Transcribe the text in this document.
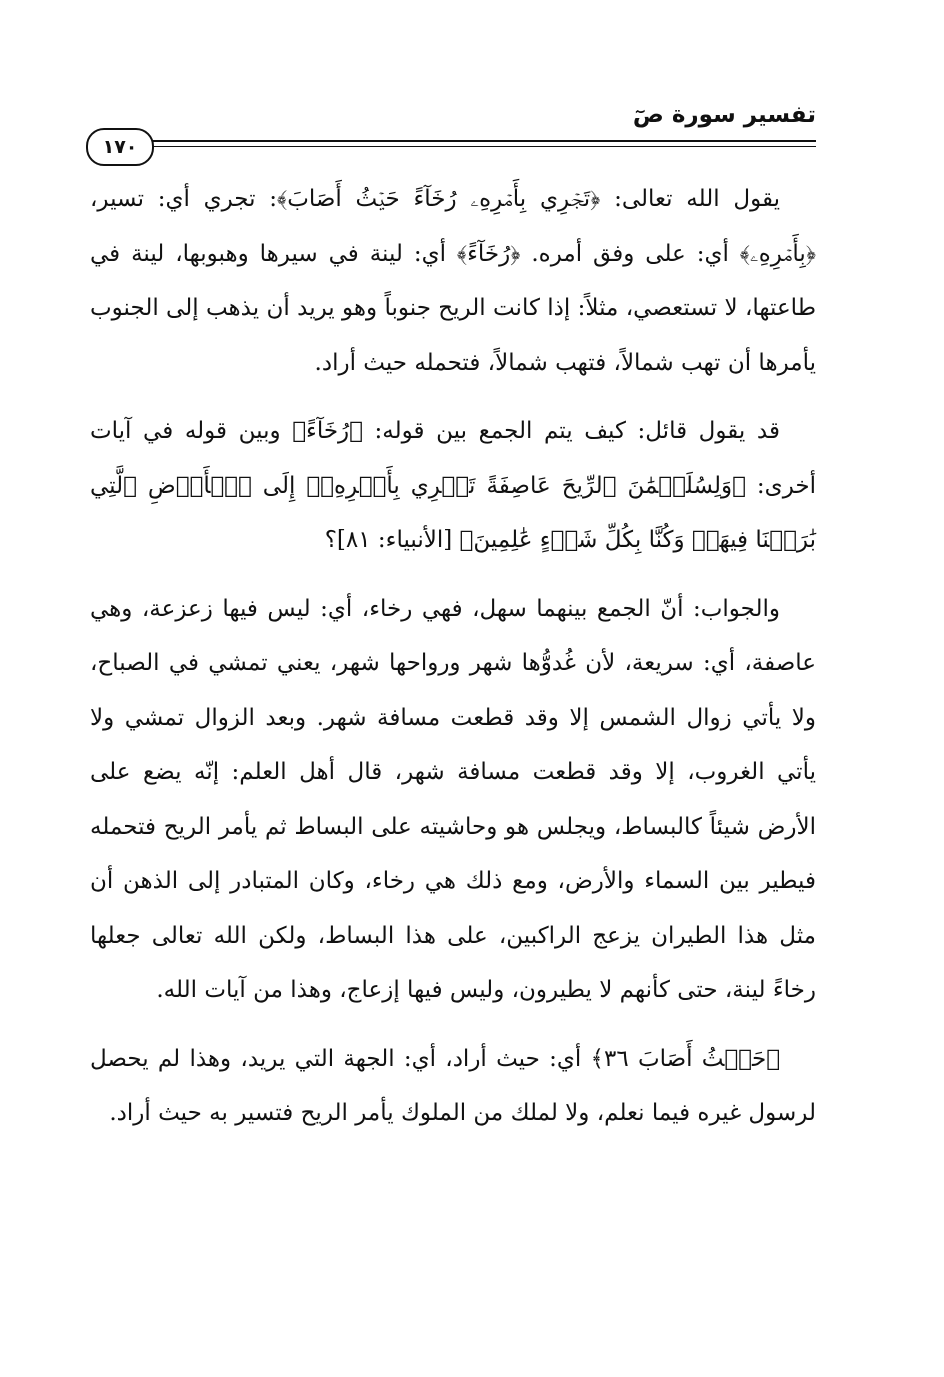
تفسير سورة صٓ
١٧٠

يقول الله تعالى: ﴿تَجۡرِي بِأَمۡرِهِۦ رُخَآءً حَيۡثُ أَصَابَ﴾: تجري أي: تسير، ﴿بِأَمۡرِهِۦ﴾ أي: على وفق أمره. ﴿رُخَآءً﴾ أي: لينة في سيرها وهبوبها، لينة في طاعتها، لا تستعصي، مثلاً: إذا كانت الريح جنوباً وهو يريد أن يذهب إلى الجنوب يأمرها أن تهب شمالاً، فتهب شمالاً، فتحمله حيث أراد.

قد يقول قائل: كيف يتم الجمع بين قوله: ﴿رُخَآءً﴾ وبين قوله في آيات أخرى: ﴿وَلِسُلَيۡمَٰنَ ٱلرِّيحَ عَاصِفَةً تَجۡرِي بِأَمۡرِهِۦٓ إِلَى ٱلۡأَرۡضِ ٱلَّتِي بَٰرَكۡنَا فِيهَاۚ وَكُنَّا بِكُلِّ شَيۡءٍ عَٰلِمِينَ﴾ [الأنبياء: ٨١]؟

والجواب: أنّ الجمع بينهما سهل، فهي رخاء، أي: ليس فيها زعزعة، وهي عاصفة، أي: سريعة، لأن غُدوُّها شهر ورواحها شهر، يعني تمشي في الصباح، ولا يأتي زوال الشمس إلا وقد قطعت مسافة شهر. وبعد الزوال تمشي ولا يأتي الغروب، إلا وقد قطعت مسافة شهر، قال أهل العلم: إنّه يضع على الأرض شيئاً كالبساط، ويجلس هو وحاشيته على البساط ثم يأمر الريح فتحمله فيطير بين السماء والأرض، ومع ذلك هي رخاء، وكان المتبادر إلى الذهن أن مثل هذا الطيران يزعج الراكبين، على هذا البساط، ولكن الله تعالى جعلها رخاءً لينة، حتى كأنهم لا يطيرون، وليس فيها إزعاج، وهذا من آيات الله.

﴿حَيۡثُ أَصَابَ ٣٦﴾ أي: حيث أراد، أي: الجهة التي يريد، وهذا لم يحصل لرسول غيره فيما نعلم، ولا لملك من الملوك يأمر الريح فتسير به حيث أراد.
